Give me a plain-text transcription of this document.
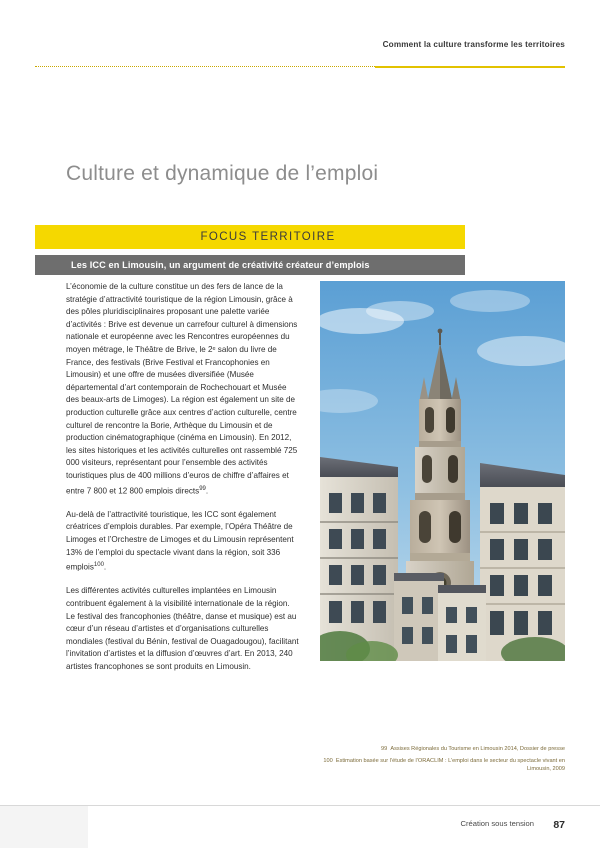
Comment la culture transforme les territoires
Culture et dynamique de l’emploi
FOCUS TERRITOIRE
Les ICC en Limousin, un argument de créativité créateur d’emplois

L’économie de la culture constitue un des fers de lance de la stratégie d’attractivité touristique de la région Limousin, grâce à des pôles pluridisciplinaires proposant une palette variée d’activités : Brive est devenue un carrefour culturel à dimensions nationale et européenne avec les Rencontres européennes du moyen métrage, le Théâtre de Brive, le 2ᵉ salon du livre de France, des festivals (Brive Festival et Francophonies en Limousin) et une offre de musées diversifiée (Musée départemental d’art contemporain de Rochechouart et Musée des beaux-arts de Limoges). La région est également un site de production culturelle grâce aux centres d’action culturelle, centre culturel de rencontre la Borie, Arthèque du Limousin et de production cinématographique (cinéma en Limousin). En 2012, les sites historiques et les activités culturelles ont rassemblé 725 000 visiteurs, représentant pour l’ensemble des activités touristiques plus de 400 millions d’euros de chiffre d’affaires et entre 7 800 et 12 800 emplois directs$^{99}$.

Au-delà de l’attractivité touristique, les ICC sont également créatrices d’emplois durables. Par exemple, l’Opéra Théâtre de Limoges et l’Orchestre de Limoges et du Limousin représentent 13% de l’emploi du spectacle vivant dans la région, soit 336 emplois$^{100}$.

Les différentes activités culturelles implantées en Limousin contribuent également à la visibilité internationale de la région. Le festival des francophonies (théâtre, danse et musique) est au cœur d’un réseau d’artistes et d’organisations culturelles mondiales (festival du Bénin, festival de Ouagadougou), facilitant l’invitation d’artistes et la diffusion d’œuvres d’art. En 2013, 240 artistes francophones se sont produits en Limousin.

99 Assises Régionales du Tourisme en Limousin 2014, Dossier de presse
100 Estimation basée sur l’étude de l’ORACLIM : L’emploi dans le secteur du spectacle vivant en Limousin, 2009
Création sous tension 87
